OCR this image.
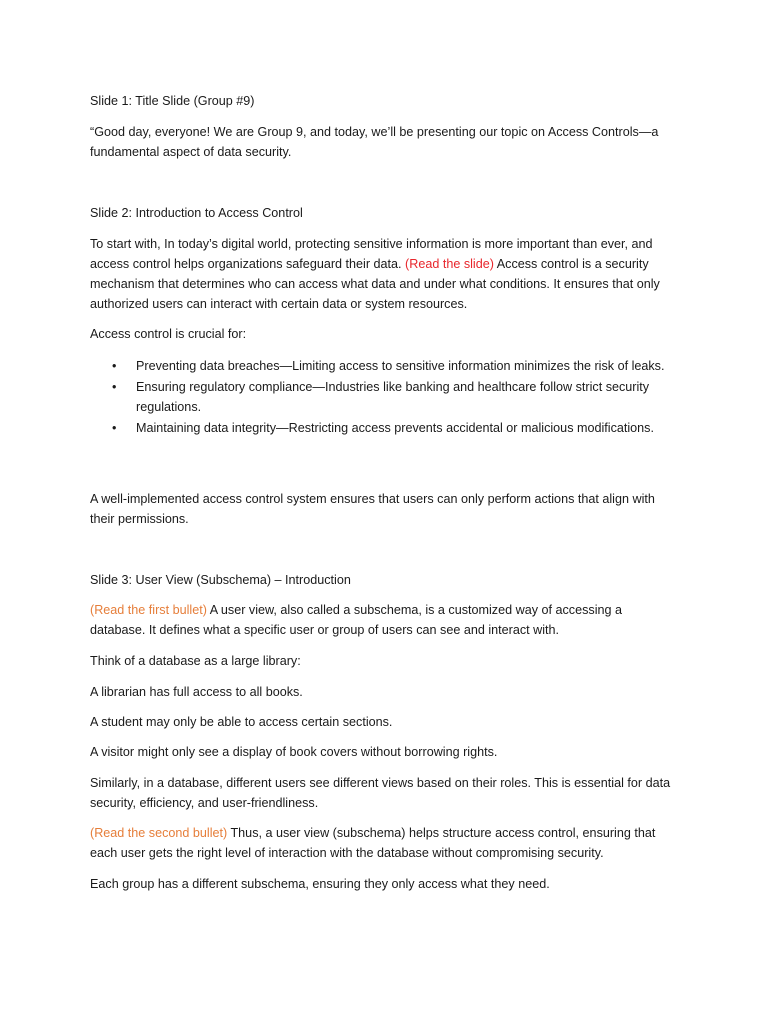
Slide 1: Title Slide (Group #9)

“Good day, everyone! We are Group 9, and today, we’ll be presenting our topic on Access Controls—a fundamental aspect of data security.

Slide 2: Introduction to Access Control

To start with, In today’s digital world, protecting sensitive information is more important than ever, and access control helps organizations safeguard their data. (Read the slide) Access control is a security mechanism that determines who can access what data and under what conditions. It ensures that only authorized users can interact with certain data or system resources.

Access control is crucial for:

• Preventing data breaches—Limiting access to sensitive information minimizes the risk of leaks.
• Ensuring regulatory compliance—Industries like banking and healthcare follow strict security regulations.
• Maintaining data integrity—Restricting access prevents accidental or malicious modifications.

A well-implemented access control system ensures that users can only perform actions that align with their permissions.

Slide 3: User View (Subschema) – Introduction

(Read the first bullet) A user view, also called a subschema, is a customized way of accessing a database. It defines what a specific user or group of users can see and interact with.

Think of a database as a large library:

A librarian has full access to all books.

A student may only be able to access certain sections.

A visitor might only see a display of book covers without borrowing rights.

Similarly, in a database, different users see different views based on their roles. This is essential for data security, efficiency, and user-friendliness.

(Read the second bullet) Thus, a user view (subschema) helps structure access control, ensuring that each user gets the right level of interaction with the database without compromising security.

Each group has a different subschema, ensuring they only access what they need.
